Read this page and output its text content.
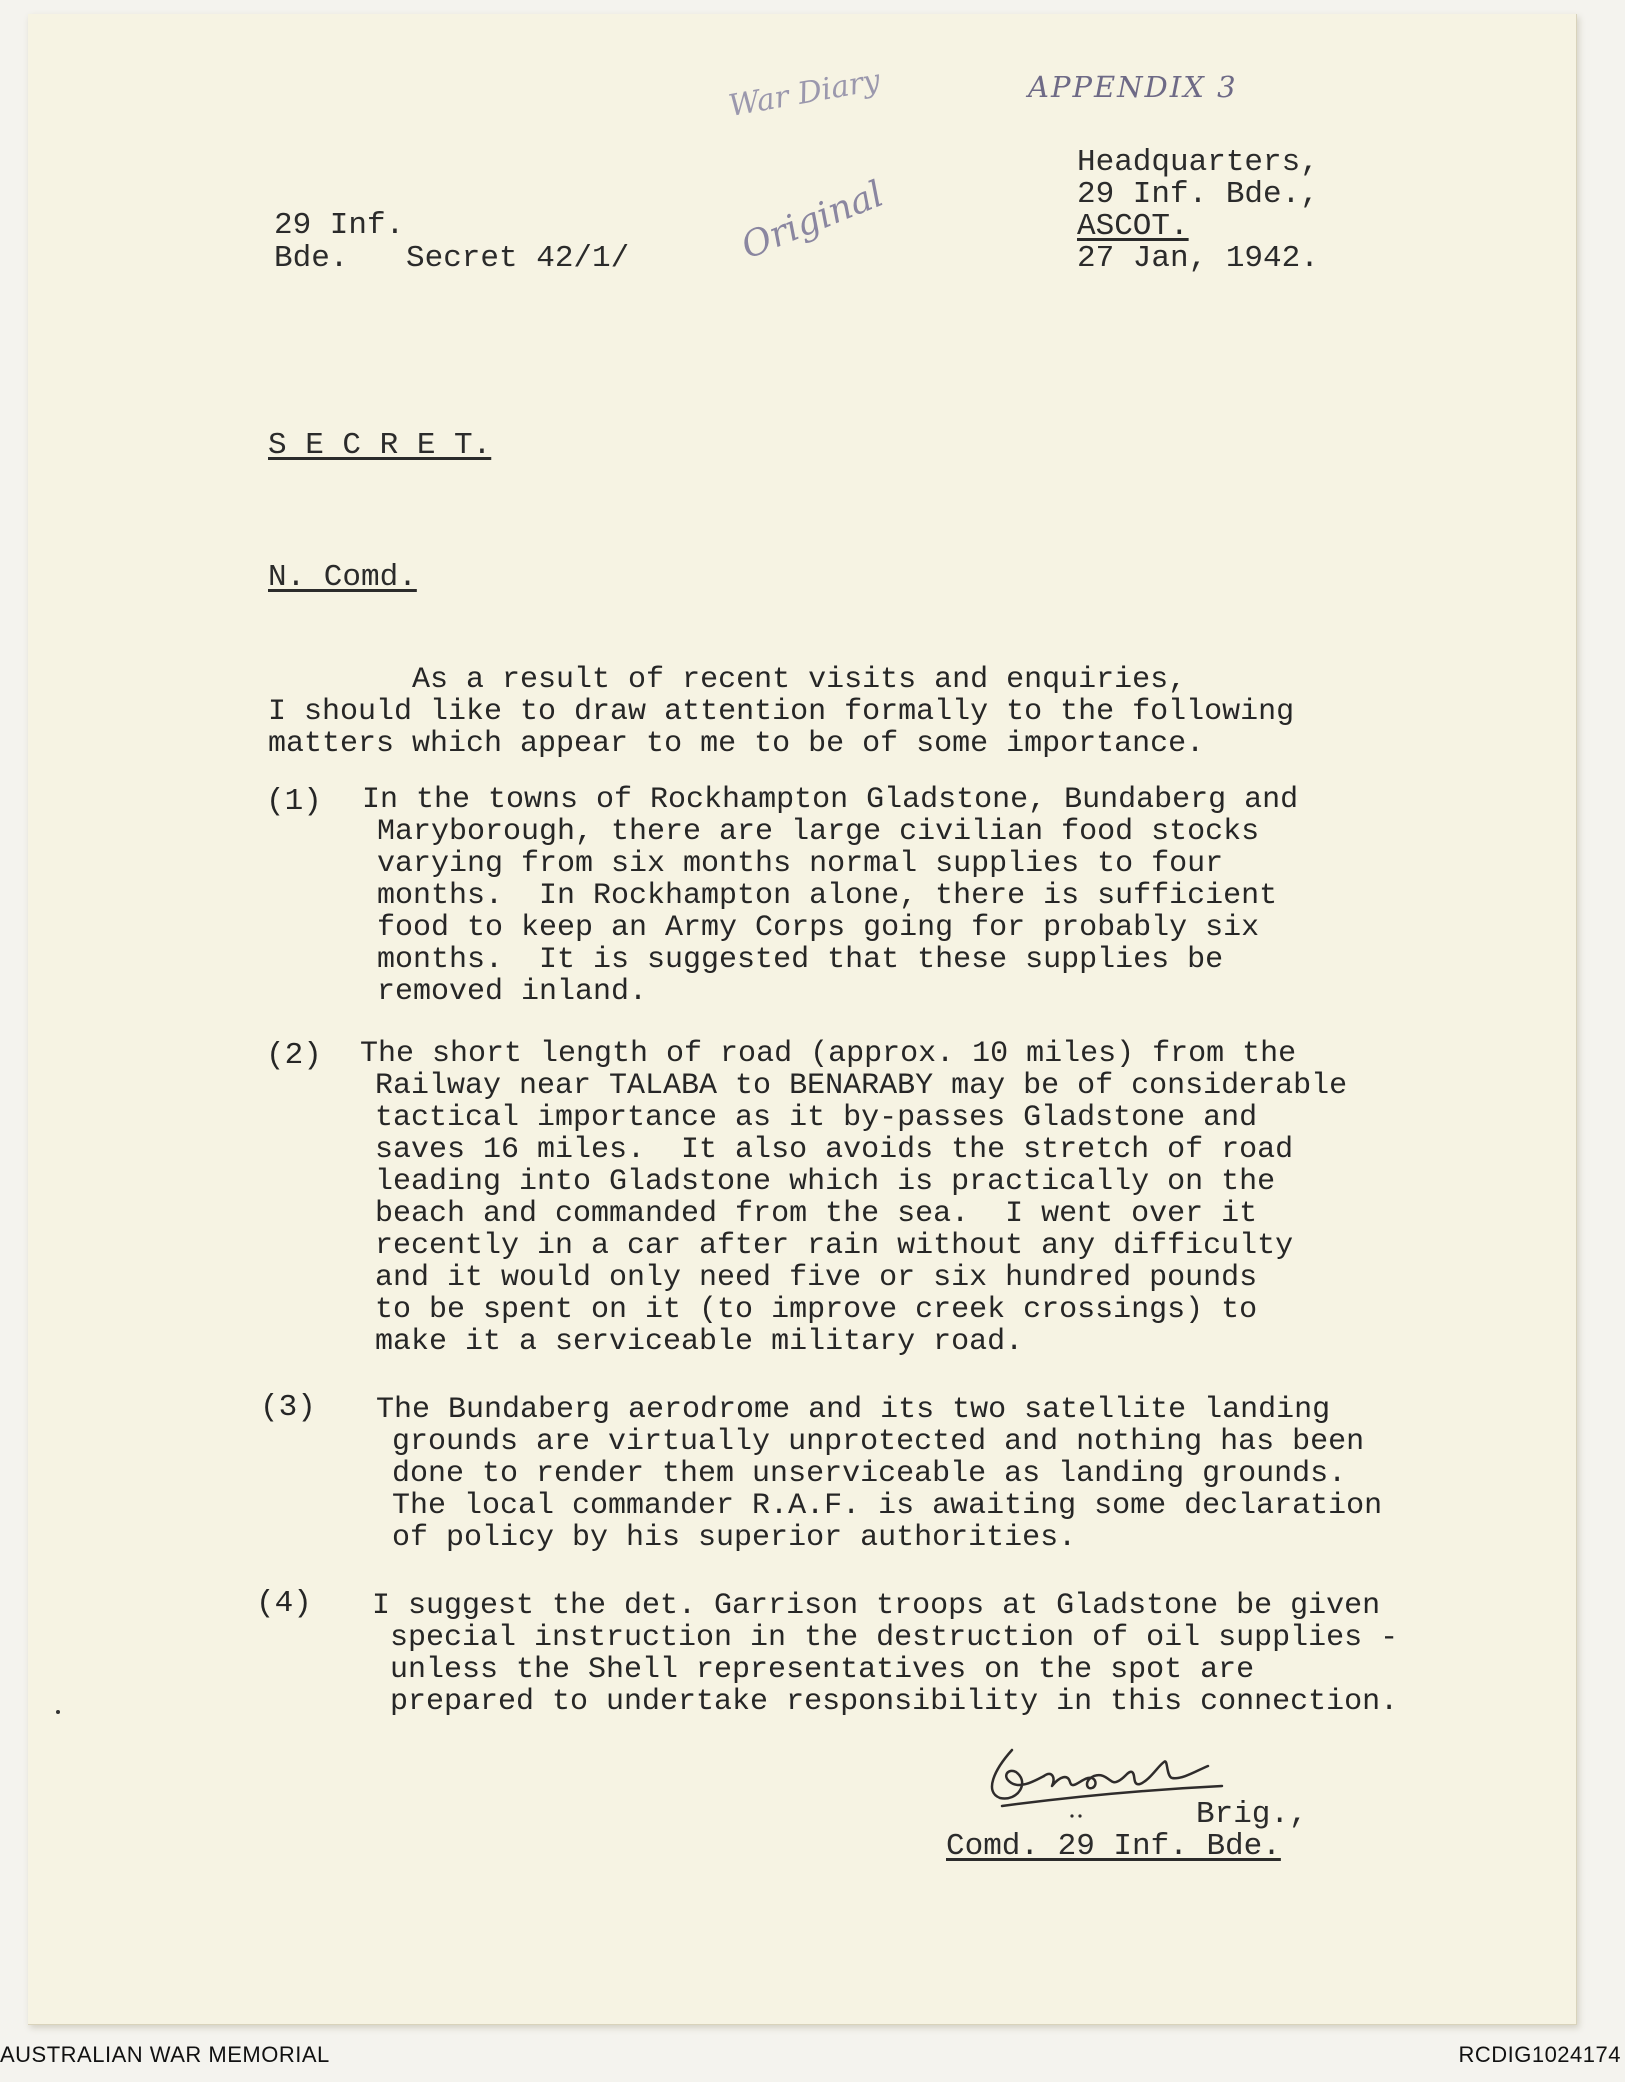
War Diary	APPENDIX 3
Original
Headquarters,
29 Inf. Bde.,
ASCOT.
27 Jan, 1942.
29 Inf.
Bde. Secret 42/1/
S E C R E T.
N. Comd.
As a result of recent visits and enquiries,
I should like to draw attention formally to the following
matters which appear to me to be of some importance.
(1) In the towns of Rockhampton Gladstone, Bundaberg and
Maryborough, there are large civilian food stocks
varying from six months normal supplies to four
months.  In Rockhampton alone, there is sufficient
food to keep an Army Corps going for probably six
months.  It is suggested that these supplies be
removed inland.
(2) The short length of road (approx. 10 miles) from the
Railway near TALABA to BENARABY may be of considerable
tactical importance as it by-passes Gladstone and
saves 16 miles.  It also avoids the stretch of road
leading into Gladstone which is practically on the
beach and commanded from the sea.  I went over it
recently in a car after rain without any difficulty
and it would only need five or six hundred pounds
to be spent on it (to improve creek crossings) to
make it a serviceable military road.
(3) The Bundaberg aerodrome and its two satellite landing
grounds are virtually unprotected and nothing has been
done to render them unserviceable as landing grounds.
The local commander R.A.F. is awaiting some declaration
of policy by his superior authorities.
(4) I suggest the det. Garrison troops at Gladstone be given
special instruction in the destruction of oil supplies -
unless the Shell representatives on the spot are
prepared to undertake responsibility in this connection.
Brig.,
Comd. 29 Inf. Bde.
AUSTRALIAN WAR MEMORIAL	RCDIG1024174
